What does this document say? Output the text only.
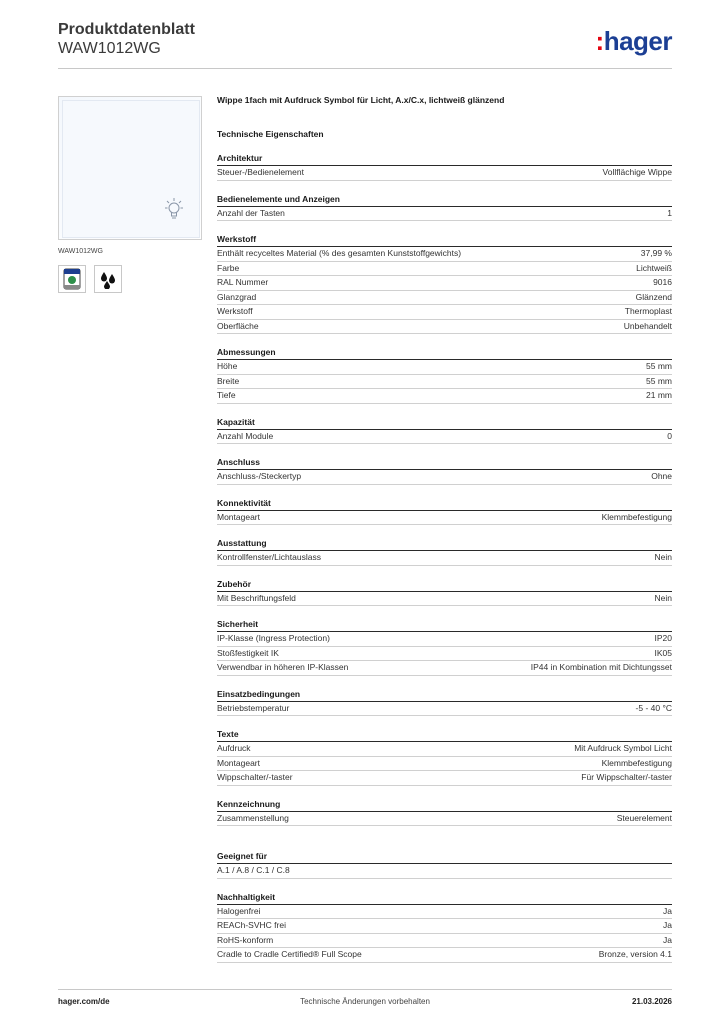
Produktdatenblatt
WAW1012WG	:hager
WAW1012WG
Wippe 1fach mit Aufdruck Symbol für Licht, A.x/C.x, lichtweiß glänzend
Technische Eigenschaften
Architektur
Steuer-/Bedienelement	Vollflächige Wippe
Bedienelemente und Anzeigen
Anzahl der Tasten	1
Werkstoff
Enthält recyceltes Material (% des gesamten Kunststoffgewichts)	37,99 %
Farbe	Lichtweiß
RAL Nummer	9016
Glanzgrad	Glänzend
Werkstoff	Thermoplast
Oberfläche	Unbehandelt
Abmessungen
Höhe	55 mm
Breite	55 mm
Tiefe	21 mm
Kapazität
Anzahl Module	0
Anschluss
Anschluss-/Steckertyp	Ohne
Konnektivität
Montageart	Klemmbefestigung
Ausstattung
Kontrollfenster/Lichtauslass	Nein
Zubehör
Mit Beschriftungsfeld	Nein
Sicherheit
IP-Klasse (Ingress Protection)	IP20
Stoßfestigkeit IK	IK05
Verwendbar in höheren IP-Klassen	IP44 in Kombination mit Dichtungsset
Einsatzbedingungen
Betriebstemperatur	-5 - 40 °C
Texte
Aufdruck	Mit Aufdruck Symbol Licht
Montageart	Klemmbefestigung
Wippschalter/-taster	Für Wippschalter/-taster
Kennzeichnung
Zusammenstellung	Steuerelement
Geeignet für
A.1 / A.8 / C.1 / C.8
Nachhaltigkeit
Halogenfrei	Ja
REACh-SVHC frei	Ja
RoHS-konform	Ja
Cradle to Cradle Certified® Full Scope	Bronze, version 4.1
hager.com/de	Technische Änderungen vorbehalten	21.03.2026
